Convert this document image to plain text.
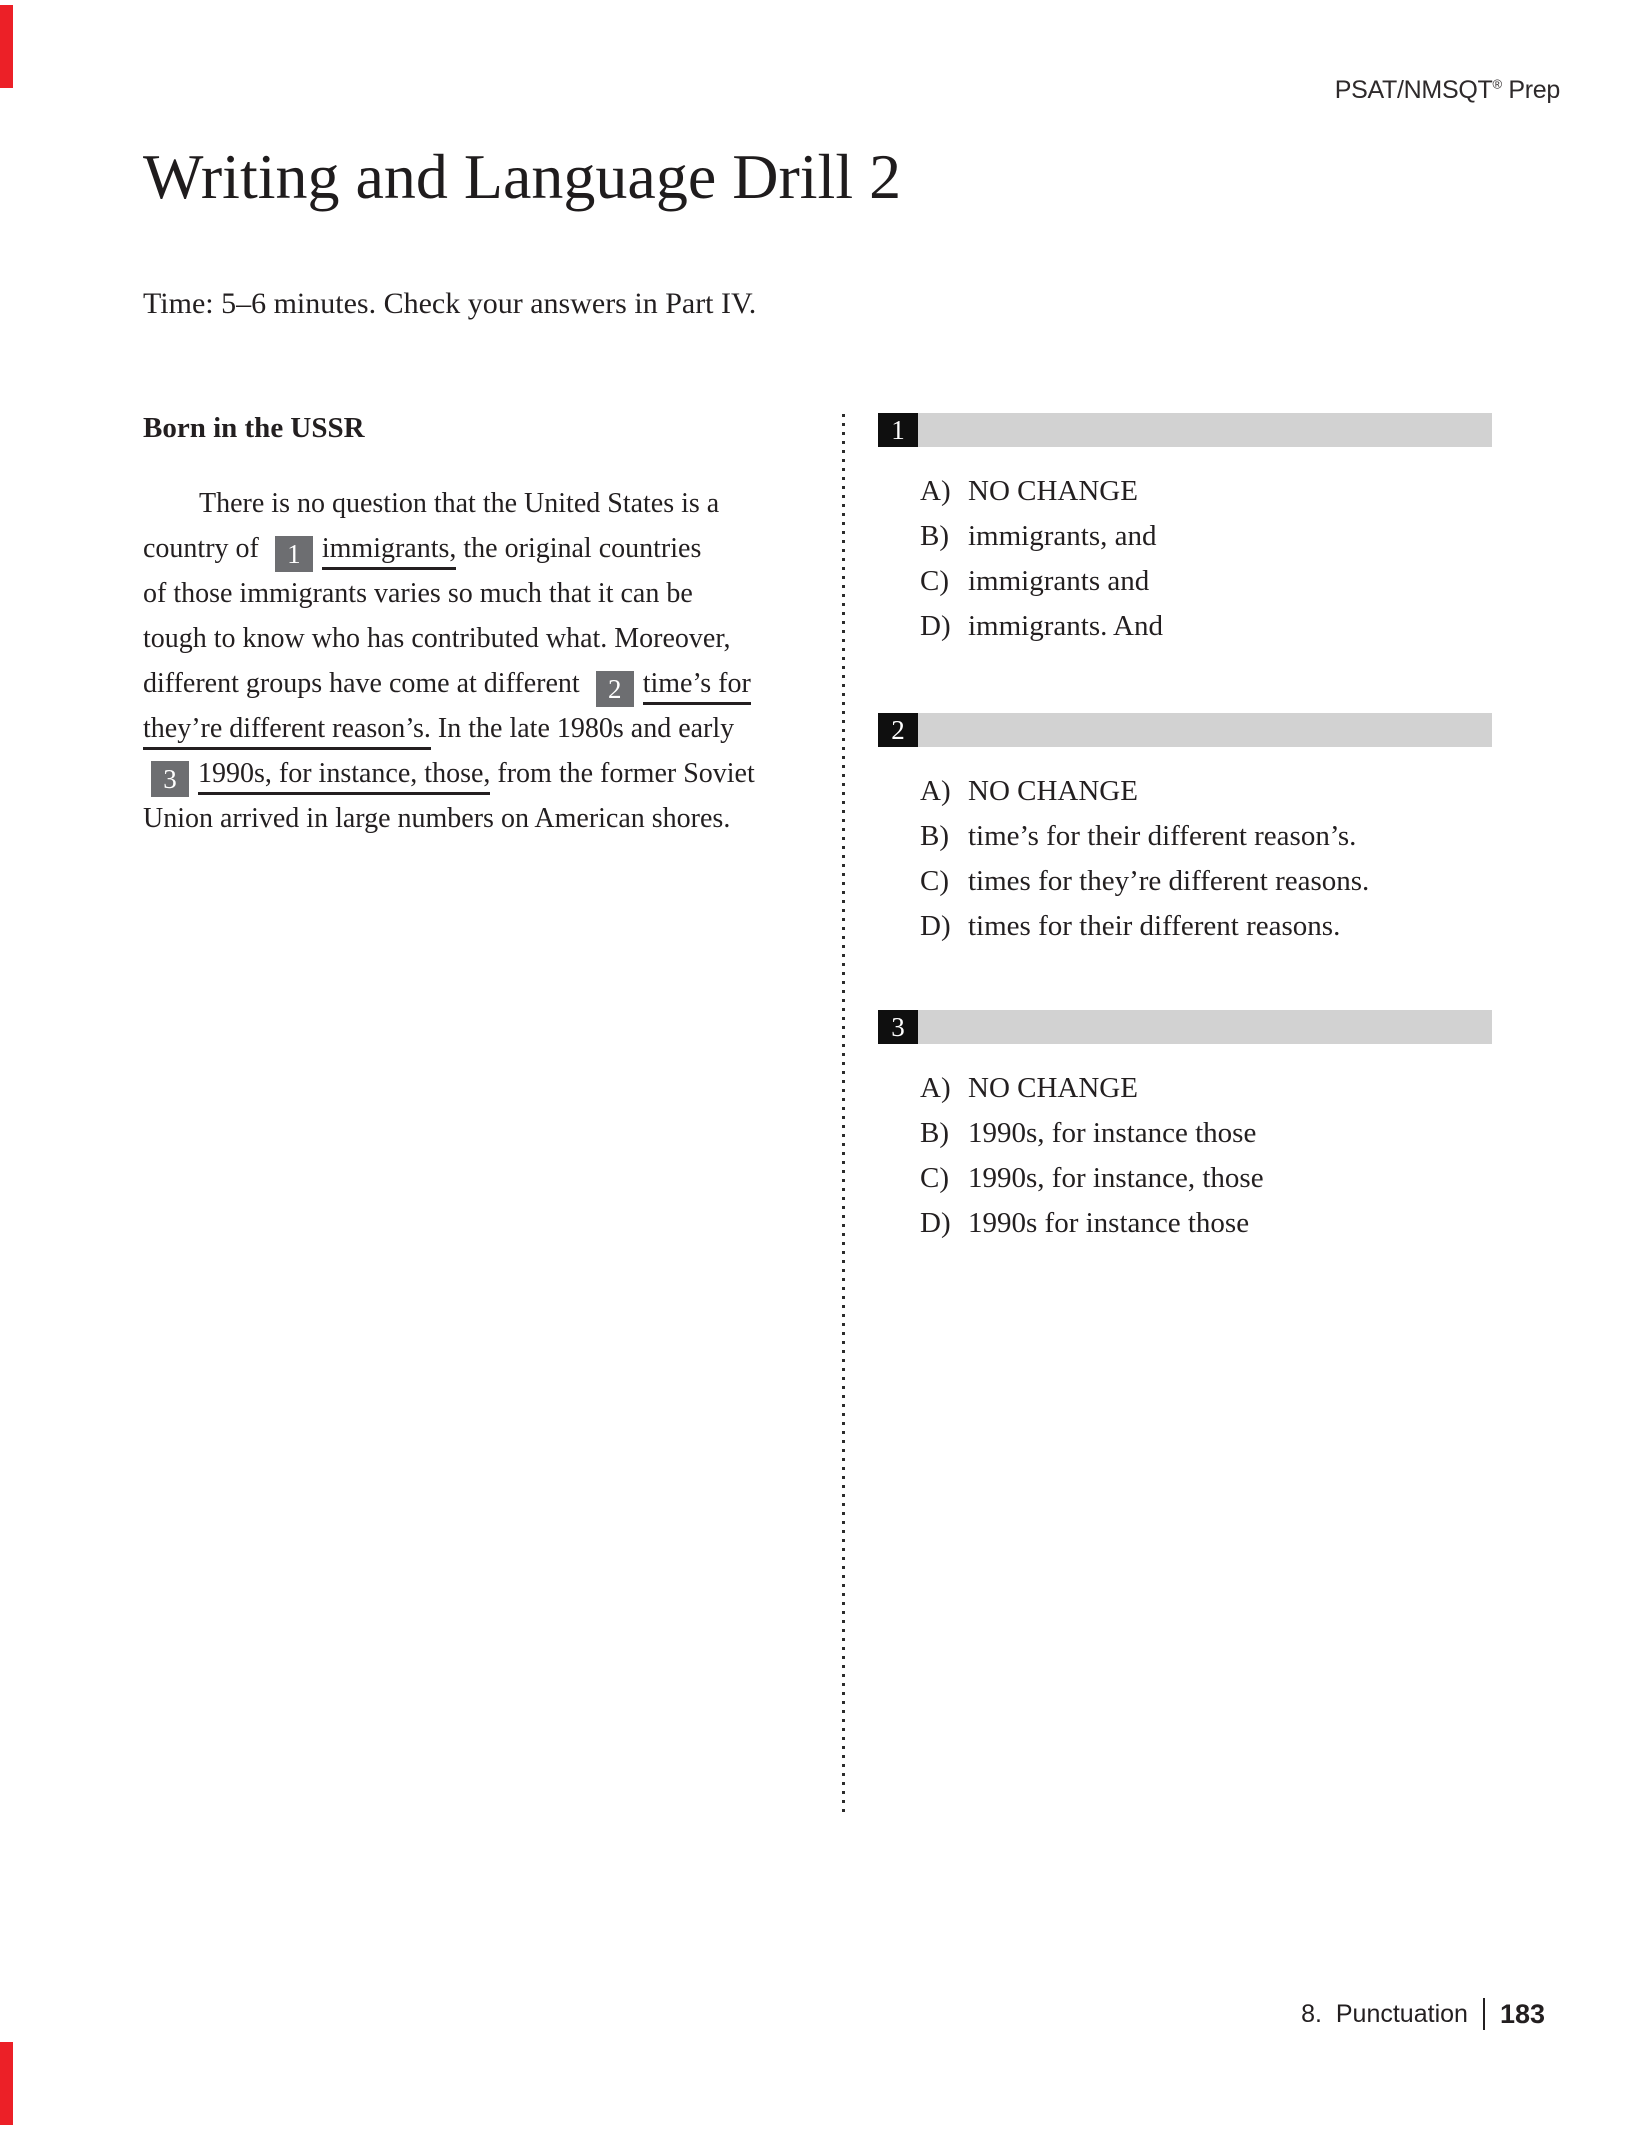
PSAT/NMSQT® Prep
Writing and Language Drill 2
Time: 5–6 minutes. Check your answers in Part IV.
Born in the USSR
There is no question that the United States is a
country of 1 immigrants, the original countries
of those immigrants varies so much that it can be
tough to know who has contributed what. Moreover,
different groups have come at different 2 time’s for
they’re different reason’s. In the late 1980s and early
3 1990s, for instance, those, from the former Soviet
Union arrived in large numbers on American shores.
1
A) NO CHANGE
B) immigrants, and
C) immigrants and
D) immigrants. And
2
A) NO CHANGE
B) time’s for their different reason’s.
C) times for they’re different reasons.
D) times for their different reasons.
3
A) NO CHANGE
B) 1990s, for instance those
C) 1990s, for instance, those
D) 1990s for instance those
8.  Punctuation 183
